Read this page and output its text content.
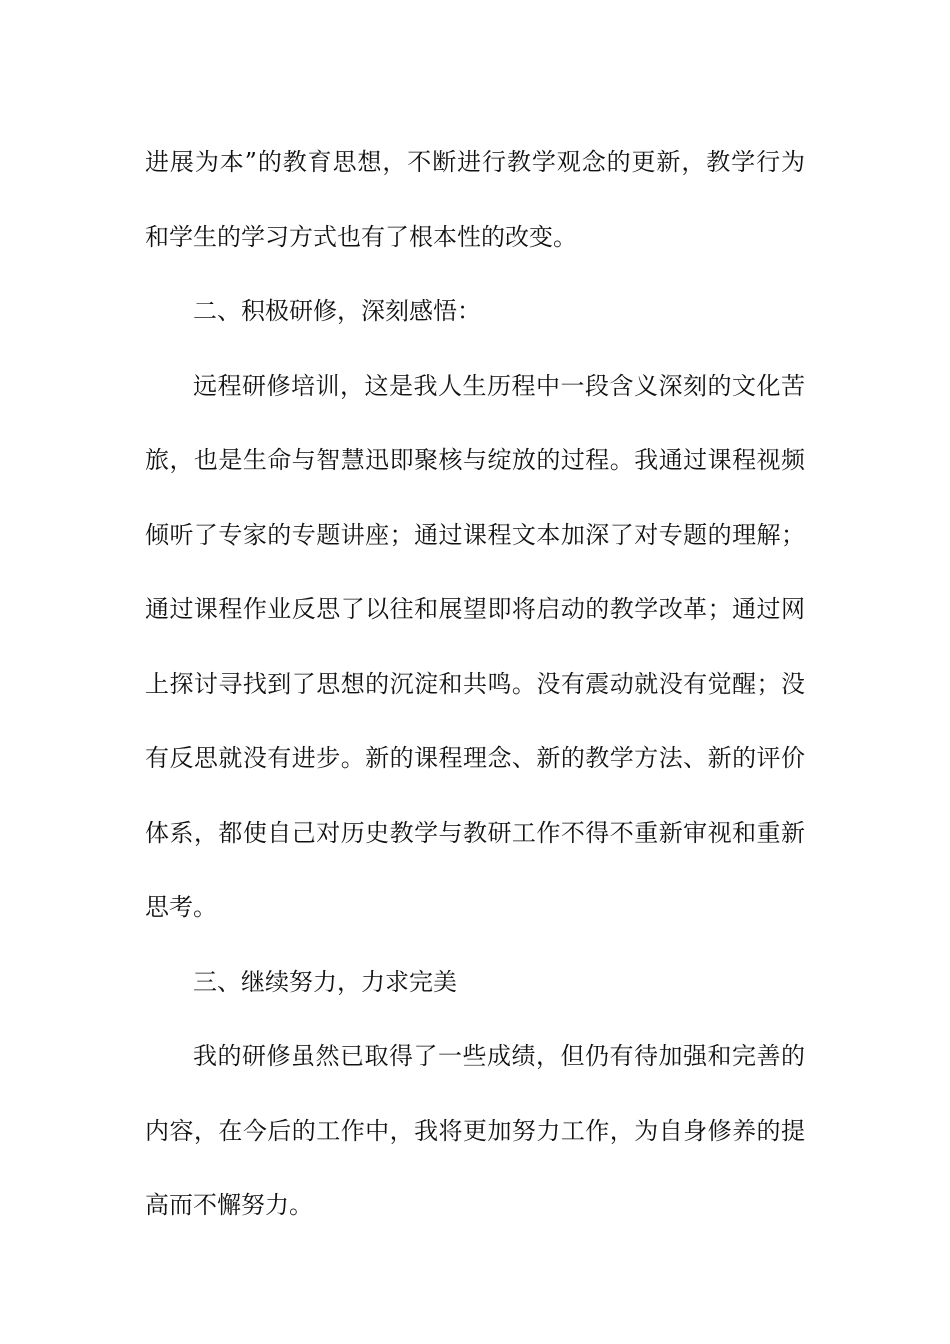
进展为本”的教育思想，不断进行教学观念的更新，教学行为和学生的学习方式也有了根本性的改变。

二、积极研修，深刻感悟：

远程研修培训，这是我人生历程中一段含义深刻的文化苦旅，也是生命与智慧迅即聚核与绽放的过程。我通过课程视频倾听了专家的专题讲座；通过课程文本加深了对专题的理解；通过课程作业反思了以往和展望即将启动的教学改革；通过网上探讨寻找到了思想的沉淀和共鸣。没有震动就没有觉醒；没有反思就没有进步。新的课程理念、新的教学方法、新的评价体系，都使自己对历史教学与教研工作不得不重新审视和重新思考。

三、继续努力，力求完美

我的研修虽然已取得了一些成绩，但仍有待加强和完善的内容，在今后的工作中，我将更加努力工作，为自身修养的提高而不懈努力。
